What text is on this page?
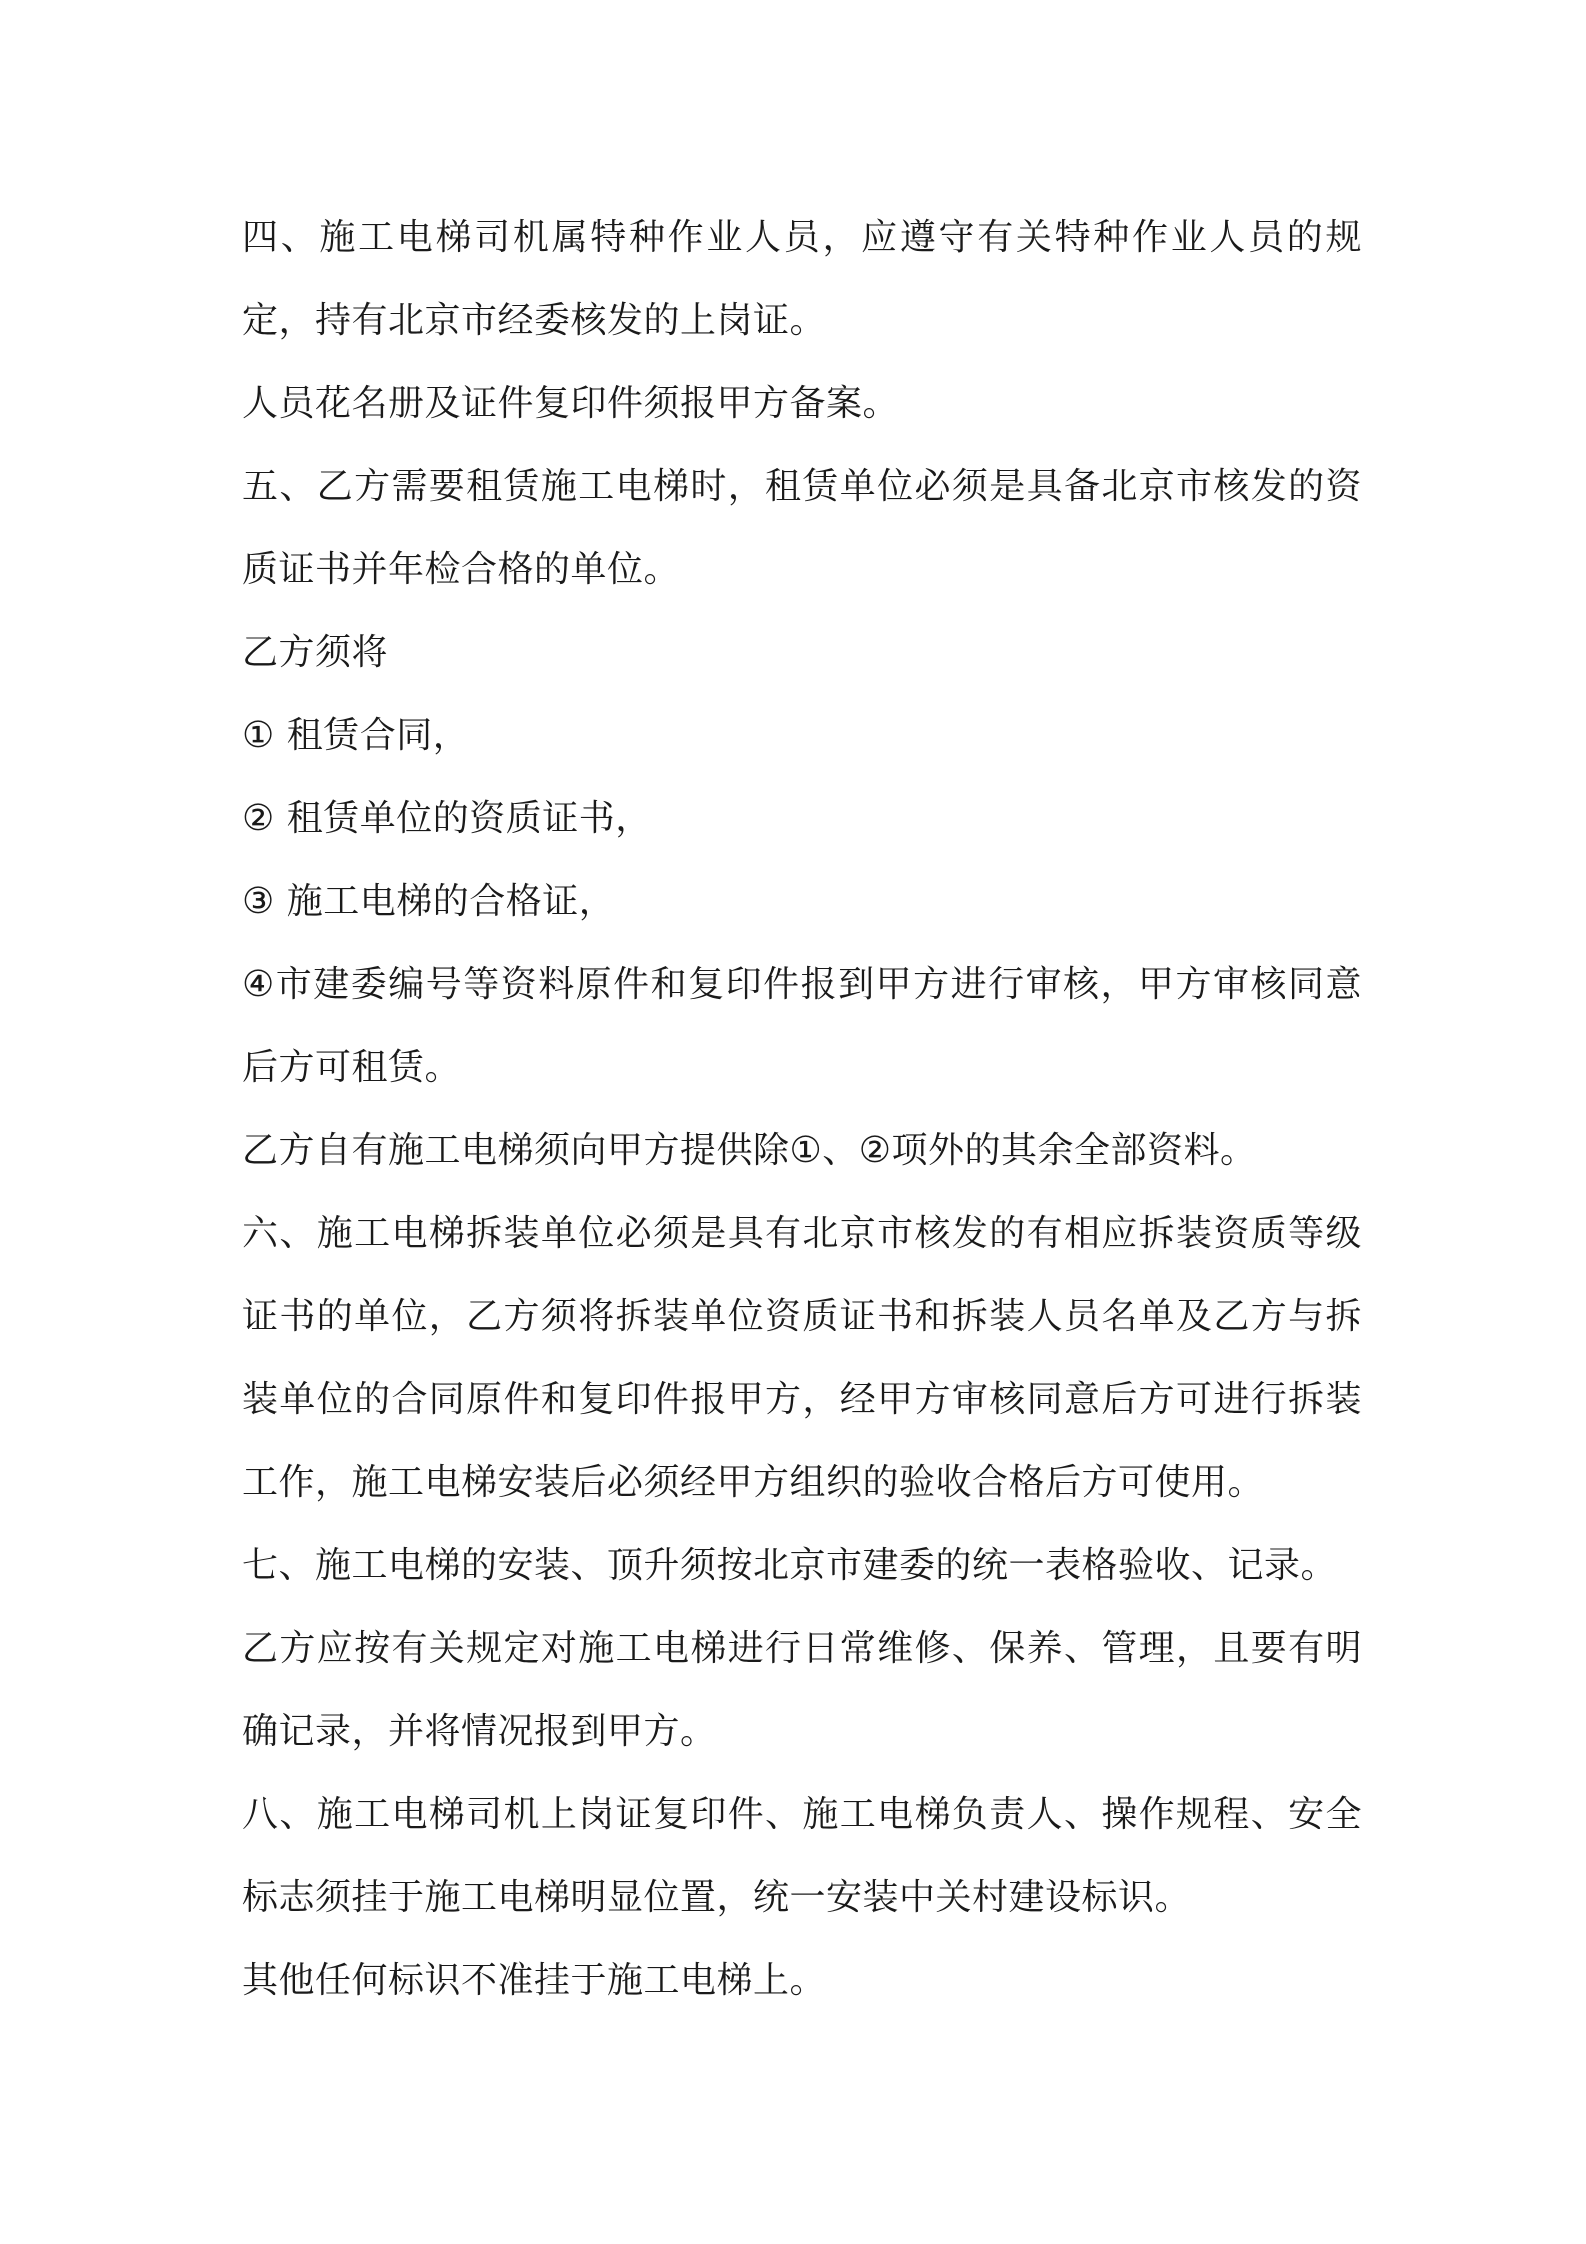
四、施工电梯司机属特种作业人员，应遵守有关特种作业人员的规定，持有北京市经委核发的上岗证。

人员花名册及证件复印件须报甲方备案。

五、乙方需要租赁施工电梯时，租赁单位必须是具备北京市核发的资质证书并年检合格的单位。

乙方须将

① 租赁合同，

② 租赁单位的资质证书，

③ 施工电梯的合格证，

④市建委编号等资料原件和复印件报到甲方进行审核，甲方审核同意后方可租赁。

乙方自有施工电梯须向甲方提供除①、②项外的其余全部资料。

六、施工电梯拆装单位必须是具有北京市核发的有相应拆装资质等级证书的单位，乙方须将拆装单位资质证书和拆装人员名单及乙方与拆装单位的合同原件和复印件报甲方，经甲方审核同意后方可进行拆装工作，施工电梯安装后必须经甲方组织的验收合格后方可使用。

七、施工电梯的安装、顶升须按北京市建委的统一表格验收、记录。

乙方应按有关规定对施工电梯进行日常维修、保养、管理，且要有明确记录，并将情况报到甲方。

八、施工电梯司机上岗证复印件、施工电梯负责人、操作规程、安全标志须挂于施工电梯明显位置，统一安装中关村建设标识。

其他任何标识不准挂于施工电梯上。
